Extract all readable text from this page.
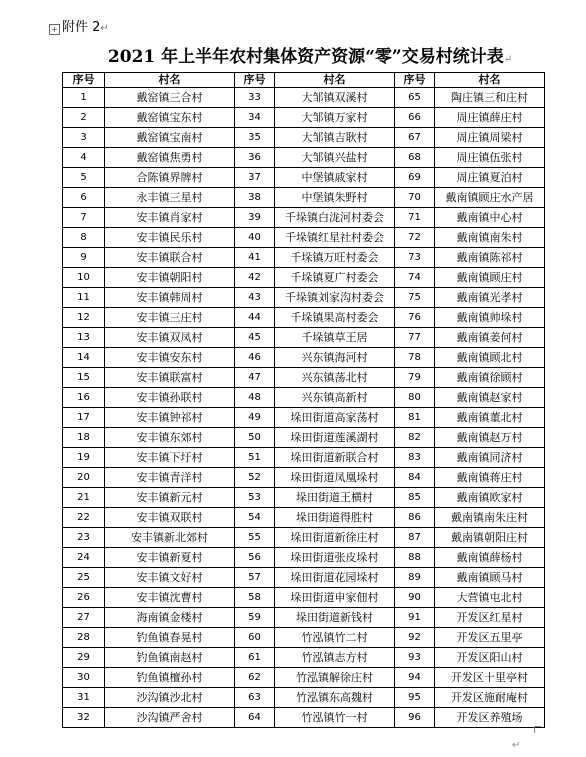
+ 附件 2↵
2021 年上半年农村集体资产资源“零”交易村统计表↵
序号	村名	序号	村名	序号	村名
1	戴窑镇三合村	33	大邹镇双溪村	65	陶庄镇三和庄村
2	戴窑镇宝东村	34	大邹镇万家村	66	周庄镇薛庄村
3	戴窑镇宝南村	35	大邹镇吉耿村	67	周庄镇周梁村
4	戴窑镇焦勇村	36	大邹镇兴盐村	68	周庄镇伍张村
5	合陈镇界牌村	37	中堡镇戚家村	69	周庄镇夏泊村
6	永丰镇三星村	38	中堡镇朱野村	70	戴南镇顾庄水产居
7	安丰镇肖家村	39	千垛镇白泷河村委会	71	戴南镇中心村
8	安丰镇民乐村	40	千垛镇红星社村委会	72	戴南镇南朱村
9	安丰镇联合村	41	千垛镇万旺村委会	73	戴南镇陈祁村
10	安丰镇朝阳村	42	千垛镇夏广村委会	74	戴南镇顾庄村
11	安丰镇韩周村	43	千垛镇刘家沟村委会	75	戴南镇光孝村
12	安丰镇三庄村	44	千垛镇果高村委会	76	戴南镇帅垛村
13	安丰镇双凤村	45	千垛镇草王居	77	戴南镇姜何村
14	安丰镇安东村	46	兴东镇海河村	78	戴南镇顾北村
15	安丰镇联富村	47	兴东镇荡北村	79	戴南镇徐顾村
16	安丰镇孙联村	48	兴东镇高新村	80	戴南镇赵家村
17	安丰镇钟祁村	49	垛田街道高家荡村	81	戴南镇董北村
18	安丰镇东郊村	50	垛田街道莲溪湖村	82	戴南镇赵万村
19	安丰镇下圩村	51	垛田街道新联合村	83	戴南镇同济村
20	安丰镇青洋村	52	垛田街道凤凰垛村	84	戴南镇蒋庄村
21	安丰镇新元村	53	垛田街道王横村	85	戴南镇欧家村
22	安丰镇双联村	54	垛田街道得胜村	86	戴南镇南朱庄村
23	安丰镇新北郊村	55	垛田街道新徐庄村	87	戴南镇朝阳庄村
24	安丰镇新夏村	56	垛田街道张皮垛村	88	戴南镇薛杨村
25	安丰镇文好村	57	垛田街道花园垛村	89	戴南镇顾马村
26	安丰镇沈曹村	58	垛田街道申家佃村	90	大营镇屯北村
27	海南镇金楼村	59	垛田街道新钱村	91	开发区红星村
28	钓鱼镇春晃村	60	竹泓镇竹二村	92	开发区五里亭
29	钓鱼镇南赵村	61	竹泓镇志方村	93	开发区阳山村
30	钓鱼镇檀孙村	62	竹泓镇解徐庄村	94	开发区十里亭村
31	沙沟镇沙北村	63	竹泓镇东高魏村	95	开发区施耐庵村
32	沙沟镇严舍村	64	竹泓镇竹一村	96	开发区养殖场
↵
